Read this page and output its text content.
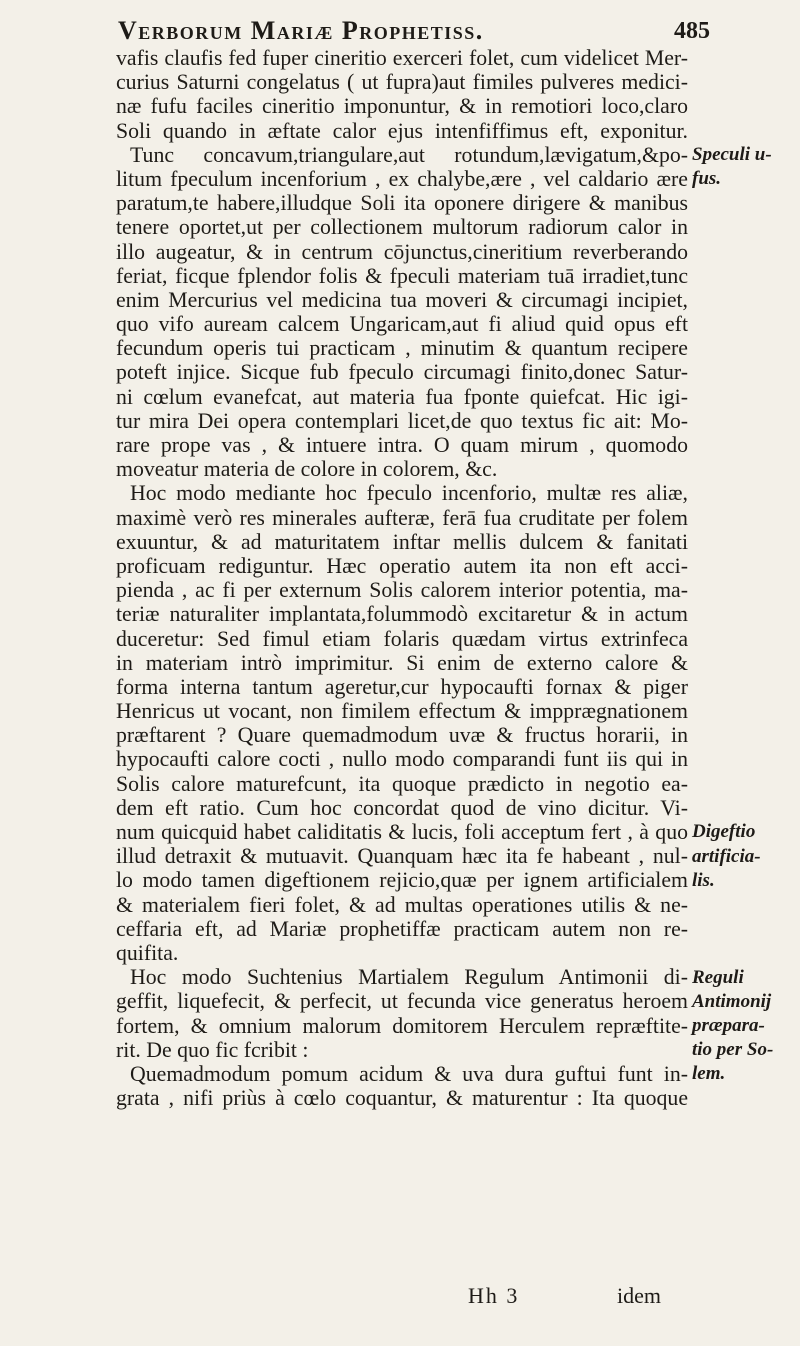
Verborum Mariæ Prophetiss.	485
vafis claufis fed fuper cineritio exerceri folet, cum videlicet Mer-
curius Saturni congelatus ( ut fupra)aut fimiles pulveres medici-
næ fufu faciles cineritio imponuntur, & in remotiori loco,claro
Soli quando in æftate calor ejus intenfiffimus eft, exponitur.
Tunc concavum,triangulare,aut rotundum,lævigatum,&po-
litum fpeculum incenforium , ex chalybe,ære , vel caldario ære
paratum,te habere,illudque Soli ita oponere dirigere & manibus
tenere oportet,ut per collectionem multorum radiorum calor in
illo augeatur, & in centrum cōjunctus,cineritium reverberando
feriat, ficque fplendor folis & fpeculi materiam tuā irradiet,tunc
enim Mercurius vel medicina tua moveri & circumagi incipiet,
quo vifo auream calcem Ungaricam,aut fi aliud quid opus eft
fecundum operis tui practicam , minutim & quantum recipere
poteft injice. Sicque fub fpeculo circumagi finito,donec Satur-
ni cœlum evanefcat, aut materia fua fponte quiefcat. Hic igi-
tur mira Dei opera contemplari licet,de quo textus fic ait: Mo-
rare prope vas , & intuere intra. O quam mirum , quomodo
moveatur materia de colore in colorem, &c.
Hoc modo mediante hoc fpeculo incenforio, multæ res aliæ,
maximè verò res minerales aufteræ, ferā fua cruditate per folem
exuuntur, & ad maturitatem inftar mellis dulcem & fanitati
proficuam rediguntur. Hæc operatio autem ita non eft acci-
pienda , ac fi per externum Solis calorem interior potentia, ma-
teriæ naturaliter implantata,folummodò excitaretur & in actum
duceretur: Sed fimul etiam folaris quædam virtus extrinfeca
in materiam intrò imprimitur. Si enim de externo calore &
forma interna tantum ageretur,cur hypocaufti fornax & piger
Henricus ut vocant, non fimilem effectum & impprægnationem
præftarent ? Quare quemadmodum uvæ & fructus horarii, in
hypocaufti calore cocti , nullo modo comparandi funt iis qui in
Solis calore maturefcunt, ita quoque prædicto in negotio ea-
dem eft ratio. Cum hoc concordat quod de vino dicitur. Vi-
num quicquid habet caliditatis & lucis, foli acceptum fert , à quo
illud detraxit & mutuavit. Quanquam hæc ita fe habeant , nul-
lo modo tamen digeftionem rejicio,quæ per ignem artificialem
& materialem fieri folet, & ad multas operationes utilis & ne-
ceffaria eft, ad Mariæ prophetiffæ practicam autem non re-
quifita.
Hoc modo Suchtenius Martialem Regulum Antimonii di-
geffit, liquefecit, & perfecit, ut fecunda vice generatus heroem
fortem, & omnium malorum domitorem Herculem repræftite-
rit. De quo fic fcribit :
Quemadmodum pomum acidum & uva dura guftui funt in-
grata , nifi priùs à cœlo coquantur, & maturentur : Ita quoque
Speculi u-
fus.
Digeftio
artificia-
lis.
Reguli
Antimonij
præpara-
tio per So-
lem.
Hh 3	idem
